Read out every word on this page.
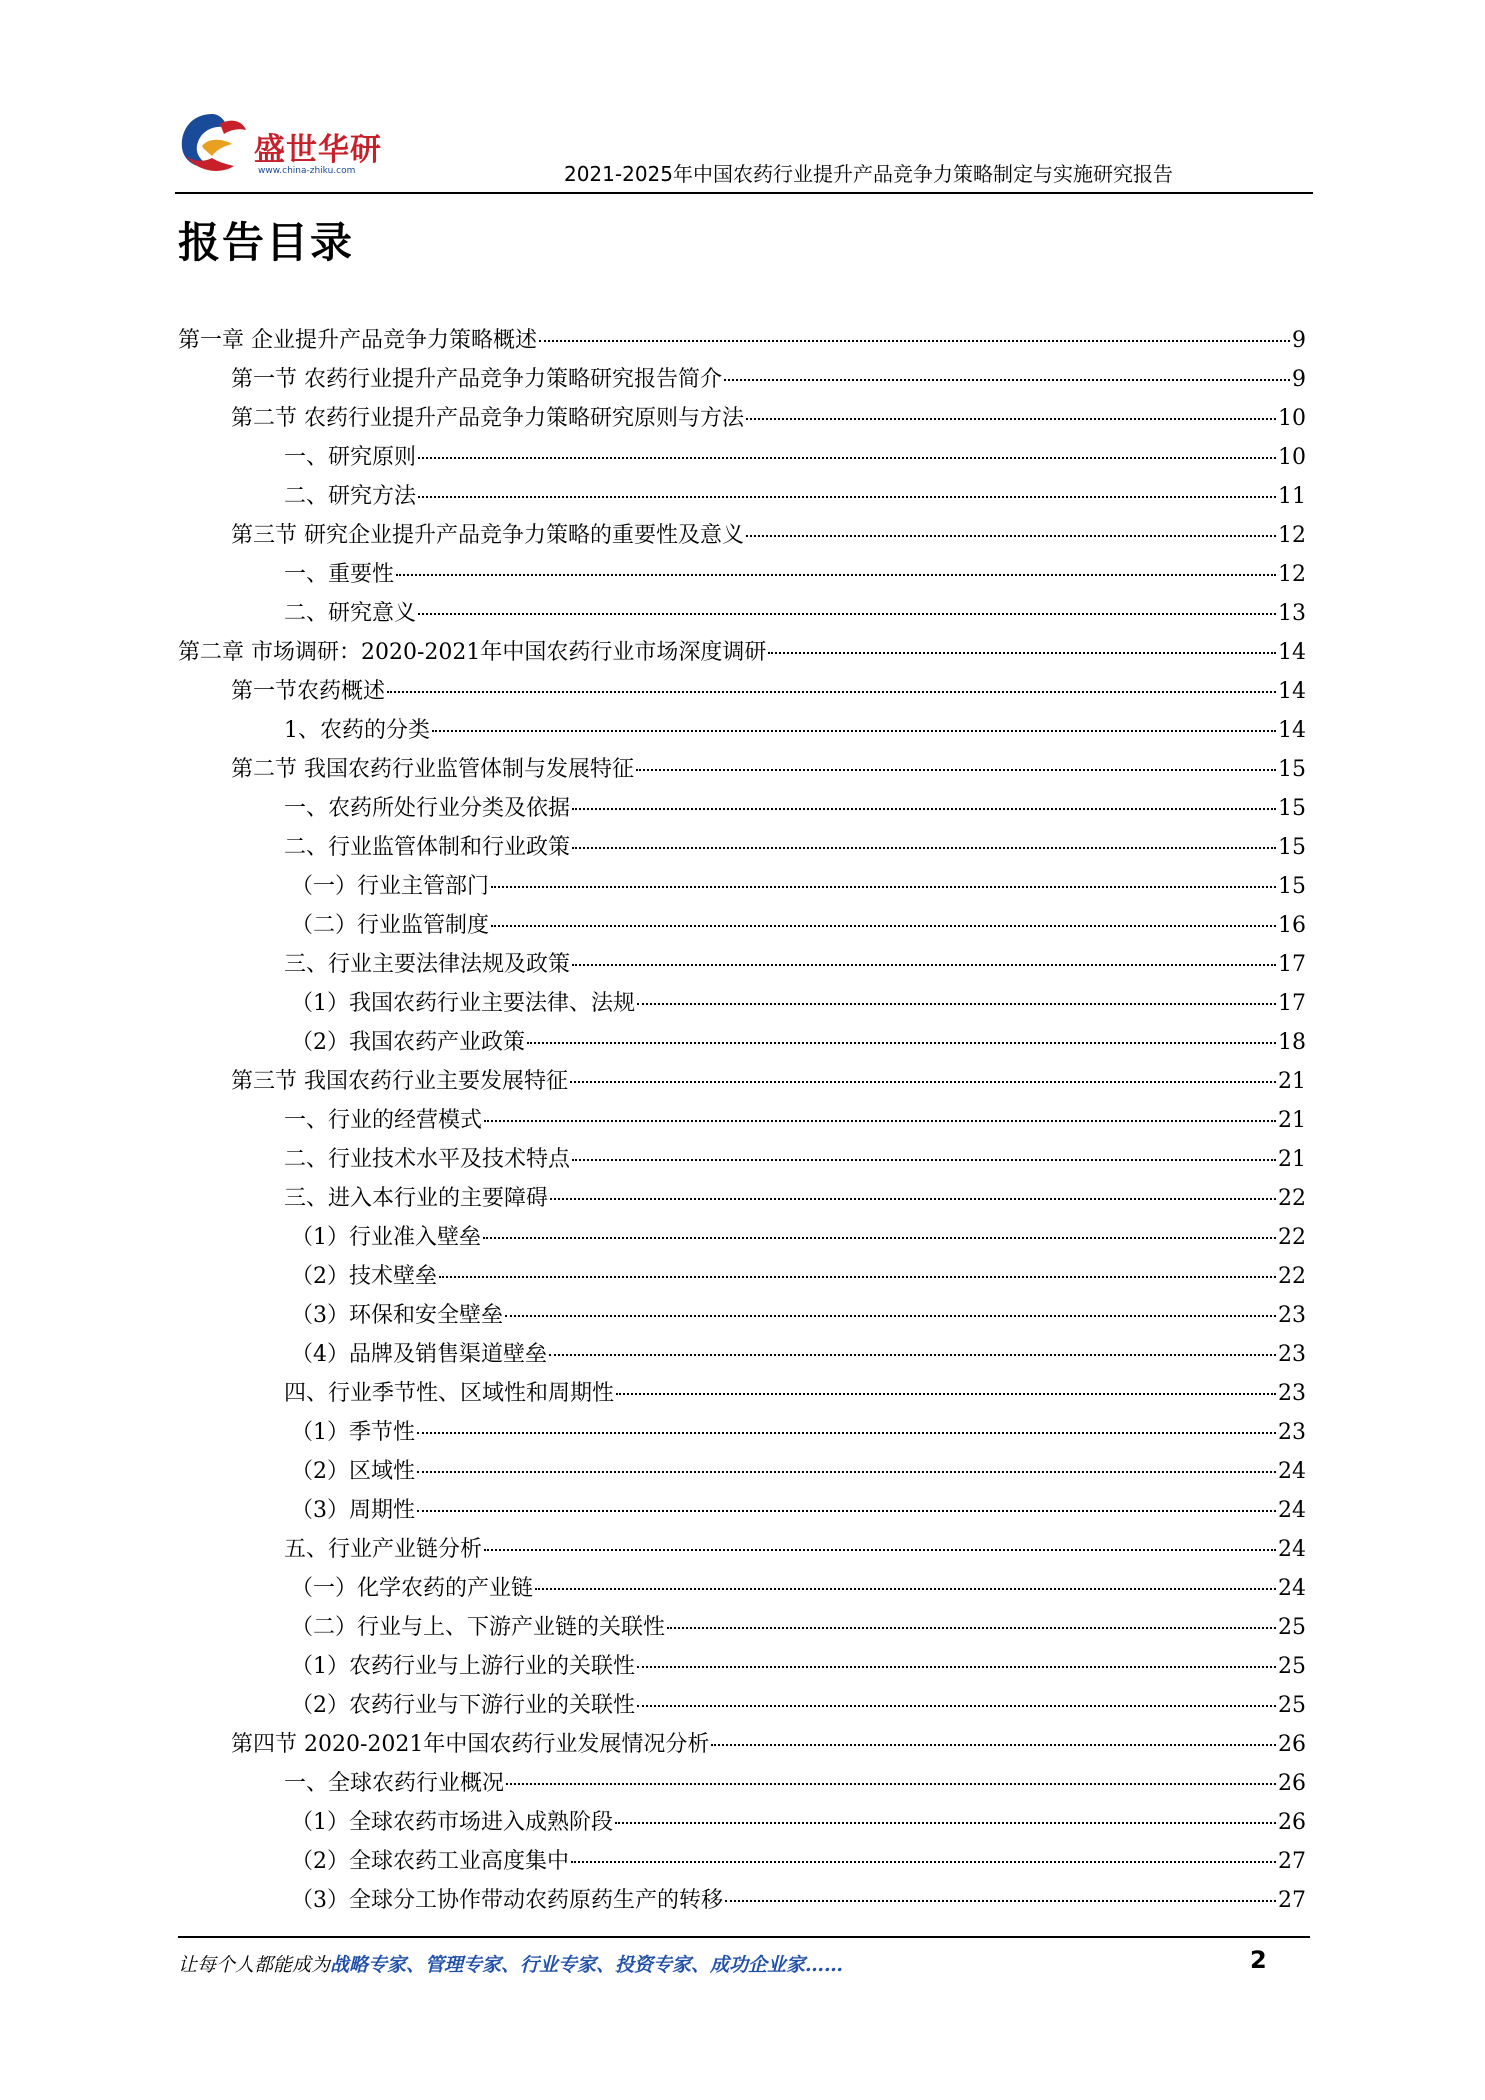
盛世华研
www.china-zhiku.com	2021-2025年中国农药行业提升产品竞争力策略制定与实施研究报告
报告目录
第一章 企业提升产品竞争力策略概述	9
第一节 农药行业提升产品竞争力策略研究报告简介	9
第二节 农药行业提升产品竞争力策略研究原则与方法	10
一、研究原则	10
二、研究方法	11
第三节 研究企业提升产品竞争力策略的重要性及意义	12
一、重要性	12
二、研究意义	13
第二章 市场调研：2020-2021年中国农药行业市场深度调研	14
第一节农药概述	14
1、农药的分类	14
第二节 我国农药行业监管体制与发展特征	15
一、农药所处行业分类及依据	15
二、行业监管体制和行业政策	15
（一）行业主管部门	15
（二）行业监管制度	16
三、行业主要法律法规及政策	17
（1）我国农药行业主要法律、法规	17
（2）我国农药产业政策	18
第三节 我国农药行业主要发展特征	21
一、行业的经营模式	21
二、行业技术水平及技术特点	21
三、进入本行业的主要障碍	22
（1）行业准入壁垒	22
（2）技术壁垒	22
（3）环保和安全壁垒	23
（4）品牌及销售渠道壁垒	23
四、行业季节性、区域性和周期性	23
（1）季节性	23
（2）区域性	24
（3）周期性	24
五、行业产业链分析	24
（一）化学农药的产业链	24
（二）行业与上、下游产业链的关联性	25
（1）农药行业与上游行业的关联性	25
（2）农药行业与下游行业的关联性	25
第四节 2020-2021年中国农药行业发展情况分析	26
一、全球农药行业概况	26
（1）全球农药市场进入成熟阶段	26
（2）全球农药工业高度集中	27
（3）全球分工协作带动农药原药生产的转移	27
让每个人都能成为战略专家、管理专家、行业专家、投资专家、成功企业家……	2
